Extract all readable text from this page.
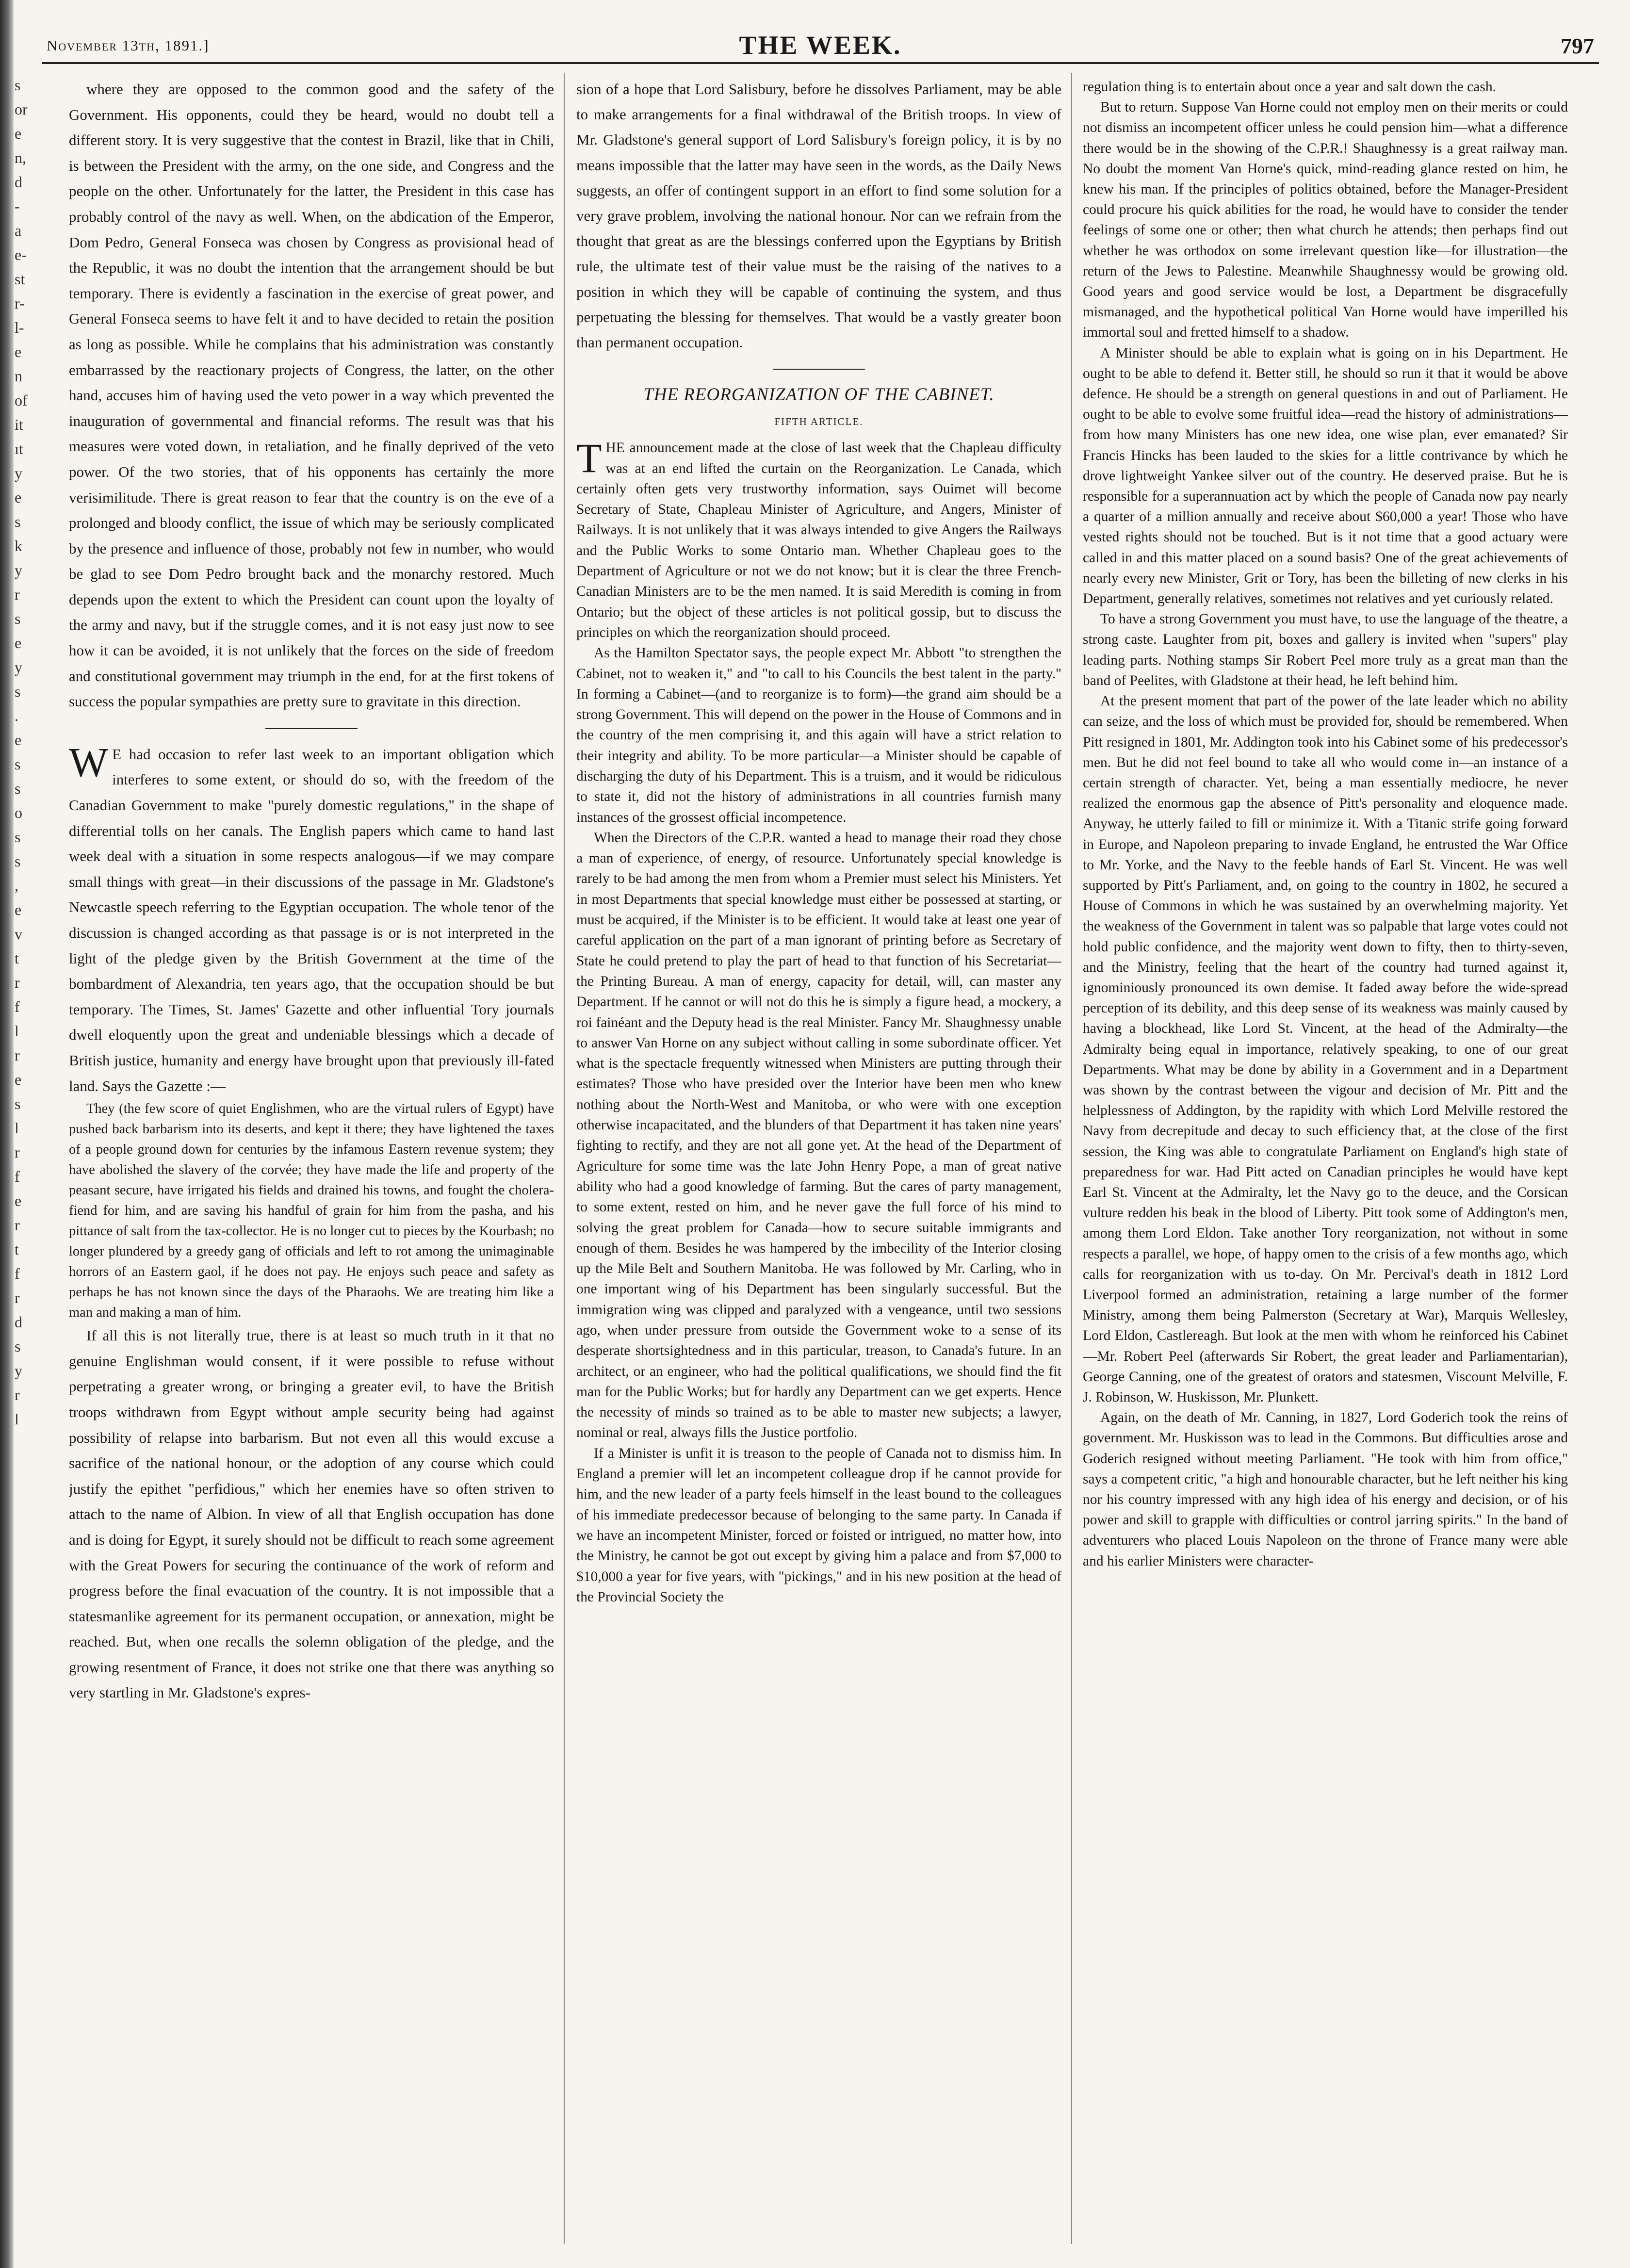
s
or
e
n,
d
-
a
e-
st
r-
l-
e
n
of
it
ıt
y
e
s
k
y
r
s
e
y
s
.
e
s
s
o
s
s
,
e
v
t
r
f
l
r
e
s
l
r
f
e
r
t
f
r
d
s
y
r
l
November 13th, 1891.]	THE WEEK.	797

where they are opposed to the common good and the safety of the Government. His opponents, could they be heard, would no doubt tell a different story. It is very suggestive that the contest in Brazil, like that in Chili, is between the President with the army, on the one side, and Congress and the people on the other. Unfortunately for the latter, the President in this case has probably control of the navy as well. When, on the abdication of the Emperor, Dom Pedro, General Fonseca was chosen by Congress as provisional head of the Republic, it was no doubt the intention that the arrangement should be but temporary. There is evidently a fascination in the exercise of great power, and General Fonseca seems to have felt it and to have decided to retain the position as long as possible. While he complains that his administration was constantly embarrassed by the reactionary projects of Congress, the latter, on the other hand, accuses him of having used the veto power in a way which prevented the inauguration of governmental and financial reforms. The result was that his measures were voted down, in retaliation, and he finally deprived of the veto power. Of the two stories, that of his opponents has certainly the more verisimilitude. There is great reason to fear that the country is on the eve of a prolonged and bloody conflict, the issue of which may be seriously complicated by the presence and influence of those, probably not few in number, who would be glad to see Dom Pedro brought back and the monarchy restored. Much depends upon the extent to which the President can count upon the loyalty of the army and navy, but if the struggle comes, and it is not easy just now to see how it can be avoided, it is not unlikely that the forces on the side of freedom and constitutional government may triumph in the end, for at the first tokens of success the popular sympathies are pretty sure to gravitate in this direction.

W E had occasion to refer last week to an important obligation which interferes to some extent, or should do so, with the freedom of the Canadian Government to make "purely domestic regulations," in the shape of differential tolls on her canals. The English papers which came to hand last week deal with a situation in some respects analogous—if we may compare small things with great—in their discussions of the passage in Mr. Gladstone's Newcastle speech referring to the Egyptian occupation. The whole tenor of the discussion is changed according as that passage is or is not interpreted in the light of the pledge given by the British Government at the time of the bombardment of Alexandria, ten years ago, that the occupation should be but temporary. The Times, St. James' Gazette and other influential Tory journals dwell eloquently upon the great and undeniable blessings which a decade of British justice, humanity and energy have brought upon that previously ill-fated land. Says the Gazette :—

They (the few score of quiet Englishmen, who are the virtual rulers of Egypt) have pushed back barbarism into its deserts, and kept it there; they have lightened the taxes of a people ground down for centuries by the infamous Eastern revenue system; they have abolished the slavery of the corvée; they have made the life and property of the peasant secure, have irrigated his fields and drained his towns, and fought the cholera-fiend for him, and are saving his handful of grain for him from the pasha, and his pittance of salt from the tax-collector. He is no longer cut to pieces by the Kourbash; no longer plundered by a greedy gang of officials and left to rot among the unimaginable horrors of an Eastern gaol, if he does not pay. He enjoys such peace and safety as perhaps he has not known since the days of the Pharaohs. We are treating him like a man and making a man of him.

If all this is not literally true, there is at least so much truth in it that no genuine Englishman would consent, if it were possible to refuse without perpetrating a greater wrong, or bringing a greater evil, to have the British troops withdrawn from Egypt without ample security being had against possibility of relapse into barbarism. But not even all this would excuse a sacrifice of the national honour, or the adoption of any course which could justify the epithet "perfidious," which her enemies have so often striven to attach to the name of Albion. In view of all that English occupation has done and is doing for Egypt, it surely should not be difficult to reach some agreement with the Great Powers for securing the continuance of the work of reform and progress before the final evacuation of the country. It is not impossible that a statesmanlike agreement for its permanent occupation, or annexation, might be reached. But, when one recalls the solemn obligation of the pledge, and the growing resentment of France, it does not strike one that there was anything so very startling in Mr. Gladstone's expres-

sion of a hope that Lord Salisbury, before he dissolves Parliament, may be able to make arrangements for a final withdrawal of the British troops. In view of Mr. Gladstone's general support of Lord Salisbury's foreign policy, it is by no means impossible that the latter may have seen in the words, as the Daily News suggests, an offer of contingent support in an effort to find some solution for a very grave problem, involving the national honour. Nor can we refrain from the thought that great as are the blessings conferred upon the Egyptians by British rule, the ultimate test of their value must be the raising of the natives to a position in which they will be capable of continuing the system, and thus perpetuating the blessing for themselves. That would be a vastly greater boon than permanent occupation.

THE REORGANIZATION OF THE CABINET.
FIFTH ARTICLE.

THE announcement made at the close of last week that the Chapleau difficulty was at an end lifted the curtain on the Reorganization. Le Canada, which certainly often gets very trustworthy information, says Ouimet will become Secretary of State, Chapleau Minister of Agriculture, and Angers, Minister of Railways. It is not unlikely that it was always intended to give Angers the Railways and the Public Works to some Ontario man. Whether Chapleau goes to the Department of Agriculture or not we do not know; but it is clear the three French-Canadian Ministers are to be the men named. It is said Meredith is coming in from Ontario; but the object of these articles is not political gossip, but to discuss the principles on which the reorganization should proceed.

As the Hamilton Spectator says, the people expect Mr. Abbott "to strengthen the Cabinet, not to weaken it," and "to call to his Councils the best talent in the party." In forming a Cabinet—(and to reorganize is to form)—the grand aim should be a strong Government. This will depend on the power in the House of Commons and in the country of the men comprising it, and this again will have a strict relation to their integrity and ability. To be more particular—a Minister should be capable of discharging the duty of his Department. This is a truism, and it would be ridiculous to state it, did not the history of administrations in all countries furnish many instances of the grossest official incompetence.

When the Directors of the C.P.R. wanted a head to manage their road they chose a man of experience, of energy, of resource. Unfortunately special knowledge is rarely to be had among the men from whom a Premier must select his Ministers. Yet in most Departments that special knowledge must either be possessed at starting, or must be acquired, if the Minister is to be efficient. It would take at least one year of careful application on the part of a man ignorant of printing before as Secretary of State he could pretend to play the part of head to that function of his Secretariat—the Printing Bureau. A man of energy, capacity for detail, will, can master any Department. If he cannot or will not do this he is simply a figure head, a mockery, a roi fainéant and the Deputy head is the real Minister. Fancy Mr. Shaughnessy unable to answer Van Horne on any subject without calling in some subordinate officer. Yet what is the spectacle frequently witnessed when Ministers are putting through their estimates? Those who have presided over the Interior have been men who knew nothing about the North-West and Manitoba, or who were with one exception otherwise incapacitated, and the blunders of that Department it has taken nine years' fighting to rectify, and they are not all gone yet. At the head of the Department of Agriculture for some time was the late John Henry Pope, a man of great native ability who had a good knowledge of farming. But the cares of party management, to some extent, rested on him, and he never gave the full force of his mind to solving the great problem for Canada—how to secure suitable immigrants and enough of them. Besides he was hampered by the imbecility of the Interior closing up the Mile Belt and Southern Manitoba. He was followed by Mr. Carling, who in one important wing of his Department has been singularly successful. But the immigration wing was clipped and paralyzed with a vengeance, until two sessions ago, when under pressure from outside the Government woke to a sense of its desperate shortsightedness and in this particular, treason, to Canada's future. In an architect, or an engineer, who had the political qualifications, we should find the fit man for the Public Works; but for hardly any Department can we get experts. Hence the necessity of minds so trained as to be able to master new subjects; a lawyer, nominal or real, always fills the Justice portfolio.

If a Minister is unfit it is treason to the people of Canada not to dismiss him. In England a premier will let an incompetent colleague drop if he cannot provide for him, and the new leader of a party feels himself in the least bound to the colleagues of his immediate predecessor because of belonging to the same party. In Canada if we have an incompetent Minister, forced or foisted or intrigued, no matter how, into the Ministry, he cannot be got out except by giving him a palace and from $7,000 to $10,000 a year for five years, with "pickings," and in his new position at the head of the Provincial Society the

regulation thing is to entertain about once a year and salt down the cash.

But to return. Suppose Van Horne could not employ men on their merits or could not dismiss an incompetent officer unless he could pension him—what a difference there would be in the showing of the C.P.R.! Shaughnessy is a great railway man. No doubt the moment Van Horne's quick, mind-reading glance rested on him, he knew his man. If the principles of politics obtained, before the Manager-President could procure his quick abilities for the road, he would have to consider the tender feelings of some one or other; then what church he attends; then perhaps find out whether he was orthodox on some irrelevant question like—for illustration—the return of the Jews to Palestine. Meanwhile Shaughnessy would be growing old. Good years and good service would be lost, a Department be disgracefully mismanaged, and the hypothetical political Van Horne would have imperilled his immortal soul and fretted himself to a shadow.

A Minister should be able to explain what is going on in his Department. He ought to be able to defend it. Better still, he should so run it that it would be above defence. He should be a strength on general questions in and out of Parliament. He ought to be able to evolve some fruitful idea—read the history of administrations—from how many Ministers has one new idea, one wise plan, ever emanated? Sir Francis Hincks has been lauded to the skies for a little contrivance by which he drove lightweight Yankee silver out of the country. He deserved praise. But he is responsible for a superannuation act by which the people of Canada now pay nearly a quarter of a million annually and receive about $60,000 a year! Those who have vested rights should not be touched. But is it not time that a good actuary were called in and this matter placed on a sound basis? One of the great achievements of nearly every new Minister, Grit or Tory, has been the billeting of new clerks in his Department, generally relatives, sometimes not relatives and yet curiously related.

To have a strong Government you must have, to use the language of the theatre, a strong caste. Laughter from pit, boxes and gallery is invited when "supers" play leading parts. Nothing stamps Sir Robert Peel more truly as a great man than the band of Peelites, with Gladstone at their head, he left behind him.

At the present moment that part of the power of the late leader which no ability can seize, and the loss of which must be provided for, should be remembered. When Pitt resigned in 1801, Mr. Addington took into his Cabinet some of his predecessor's men. But he did not feel bound to take all who would come in—an instance of a certain strength of character. Yet, being a man essentially mediocre, he never realized the enormous gap the absence of Pitt's personality and eloquence made. Anyway, he utterly failed to fill or minimize it. With a Titanic strife going forward in Europe, and Napoleon preparing to invade England, he entrusted the War Office to Mr. Yorke, and the Navy to the feeble hands of Earl St. Vincent. He was well supported by Pitt's Parliament, and, on going to the country in 1802, he secured a House of Commons in which he was sustained by an overwhelming majority. Yet the weakness of the Government in talent was so palpable that large votes could not hold public confidence, and the majority went down to fifty, then to thirty-seven, and the Ministry, feeling that the heart of the country had turned against it, ignominiously pronounced its own demise. It faded away before the wide-spread perception of its debility, and this deep sense of its weakness was mainly caused by having a blockhead, like Lord St. Vincent, at the head of the Admiralty—the Admiralty being equal in importance, relatively speaking, to one of our great Departments. What may be done by ability in a Government and in a Department was shown by the contrast between the vigour and decision of Mr. Pitt and the helplessness of Addington, by the rapidity with which Lord Melville restored the Navy from decrepitude and decay to such efficiency that, at the close of the first session, the King was able to congratulate Parliament on England's high state of preparedness for war. Had Pitt acted on Canadian principles he would have kept Earl St. Vincent at the Admiralty, let the Navy go to the deuce, and the Corsican vulture redden his beak in the blood of Liberty. Pitt took some of Addington's men, among them Lord Eldon. Take another Tory reorganization, not without in some respects a parallel, we hope, of happy omen to the crisis of a few months ago, which calls for reorganization with us to-day. On Mr. Percival's death in 1812 Lord Liverpool formed an administration, retaining a large number of the former Ministry, among them being Palmerston (Secretary at War), Marquis Wellesley, Lord Eldon, Castlereagh. But look at the men with whom he reinforced his Cabinet—Mr. Robert Peel (afterwards Sir Robert, the great leader and Parliamentarian), George Canning, one of the greatest of orators and statesmen, Viscount Melville, F. J. Robinson, W. Huskisson, Mr. Plunkett.

Again, on the death of Mr. Canning, in 1827, Lord Goderich took the reins of government. Mr. Huskisson was to lead in the Commons. But difficulties arose and Goderich resigned without meeting Parliament. "He took with him from office," says a competent critic, "a high and honourable character, but he left neither his king nor his country impressed with any high idea of his energy and decision, or of his power and skill to grapple with difficulties or control jarring spirits." In the band of adventurers who placed Louis Napoleon on the throne of France many were able and his earlier Ministers were character-
